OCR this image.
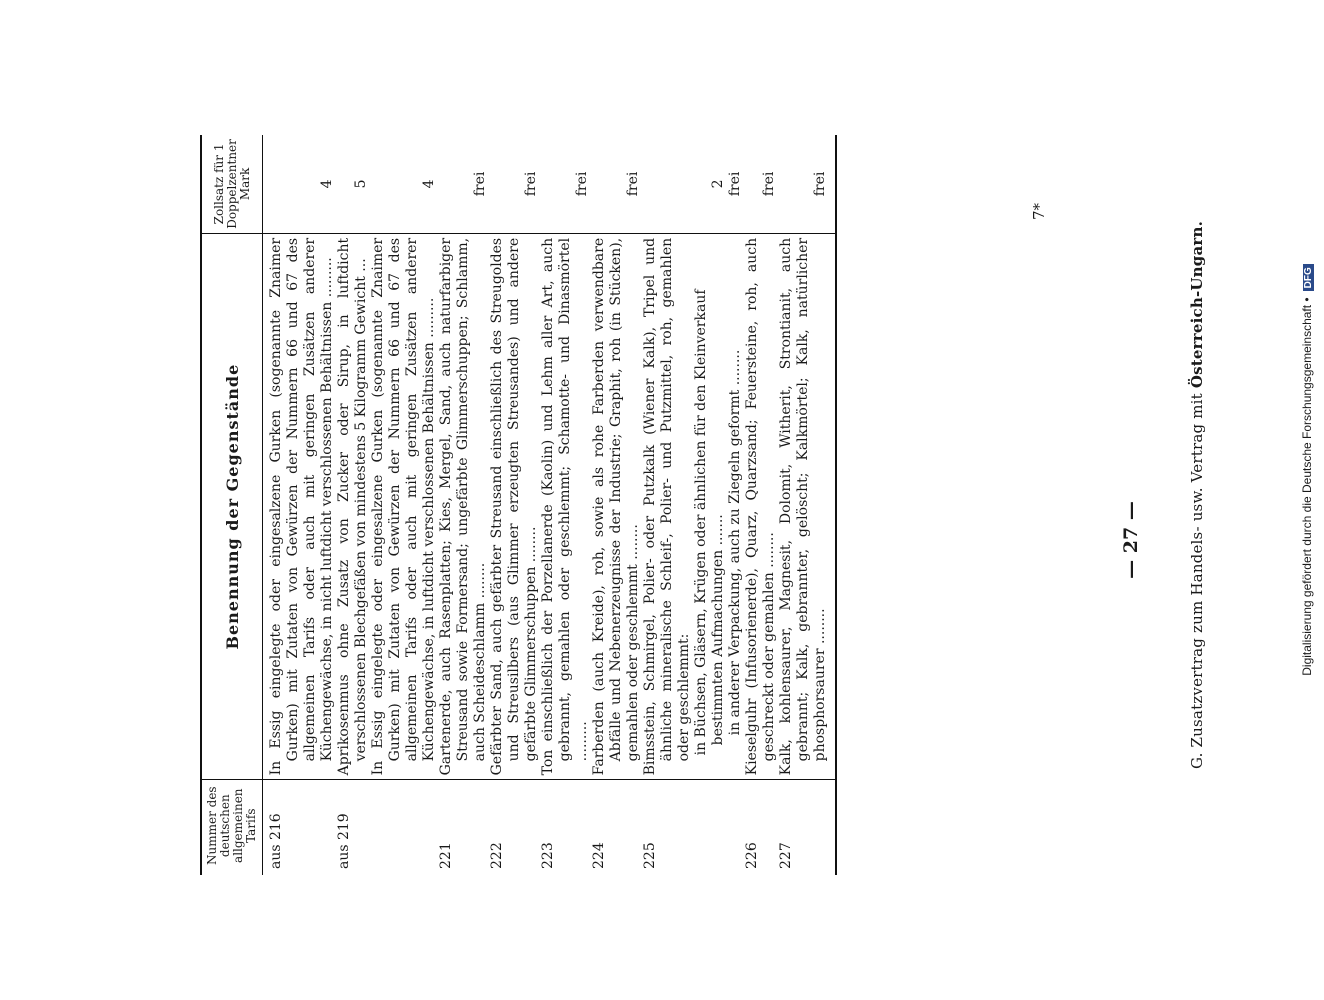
— 27 —	G. Zusatzvertrag zum Handels- usw. Vertrag mit Österreich-Ungarn.
Nummer des deutschen allgemeinen Tarifs	Benennung der Gegenstände	Zollsatz für 1 Doppelzentner Mark

aus 216	In Essig eingelegte oder eingesalzene Gurken (sogenannte Znaimer Gurken) mit Zutaten von Gewürzen der Nummern 66 und 67 des allgemeinen Tarifs oder auch mit geringen Zusätzen anderer Küchengewächse, in nicht luftdicht verschlossenen Behältnissen .........	4

aus 219	Aprikosenmus ohne Zusatz von Zucker oder Sirup, in luftdicht verschlossenen Blechgefäßen von mindestens 5 Kilogramm Gewicht ...	5

	In Essig eingelegte oder eingesalzene Gurken (sogenannte Znaimer Gurken) mit Zutaten von Gewürzen der Nummern 66 und 67 des allgemeinen Tarifs oder auch mit geringen Zusätzen anderer Küchengewächse, in luftdicht verschlossenen Behältnissen .........	4

221	Gartenerde, auch Rasenplatten; Kies, Mergel, Sand, auch naturfarbiger Streusand sowie Formersand; ungefärbte Glimmerschuppen; Schlamm, auch Scheideschlamm ........	frei

222	Gefärbter Sand, auch gefärbter Streusand einschließlich des Streugoldes und Streusilbers (aus Glimmer erzeugten Streusandes) und andere gefärbte Glimmerschuppen ........	frei

223	Ton einschließlich der Porzellanerde (Kaolin) und Lehm aller Art, auch gebrannt, gemahlen oder geschlemmt; Schamotte- und Dinasmörtel .........	frei

224	Farberden (auch Kreide), roh, sowie als rohe Farberden verwendbare Abfälle und Nebenerzeugnisse der Industrie; Graphit, roh (in Stücken), gemahlen oder geschlemmt ........	frei

225	Bimsstein, Schmirgel, Polier- oder Putzkalk (Wiener Kalk), Tripel und ähnliche mineralische Schleif-, Polier- und Putzmittel, roh, gemahlen oder geschlemmt: in Büchsen, Gläsern, Krügen oder ähnlichen für den Kleinverkauf bestimmten Aufmachungen .......	2

	in anderer Verpackung, auch zu Ziegeln geformt ........	frei

226	Kieselguhr (Infusorienerde), Quarz, Quarzsand; Feuersteine, roh, auch geschreckt oder gemahlen ........	frei

227	Kalk, kohlensaurer, Magnesit, Dolomit, Witherit, Strontianit, auch gebrannt; Kalk, gebrannter, gelöscht; Kalkmörtel; Kalk, natürlicher phosphorsaurer ........	frei
7*
Digitalisierung gefördert durch die Deutsche Forschungsgemeinschaft •DFG
